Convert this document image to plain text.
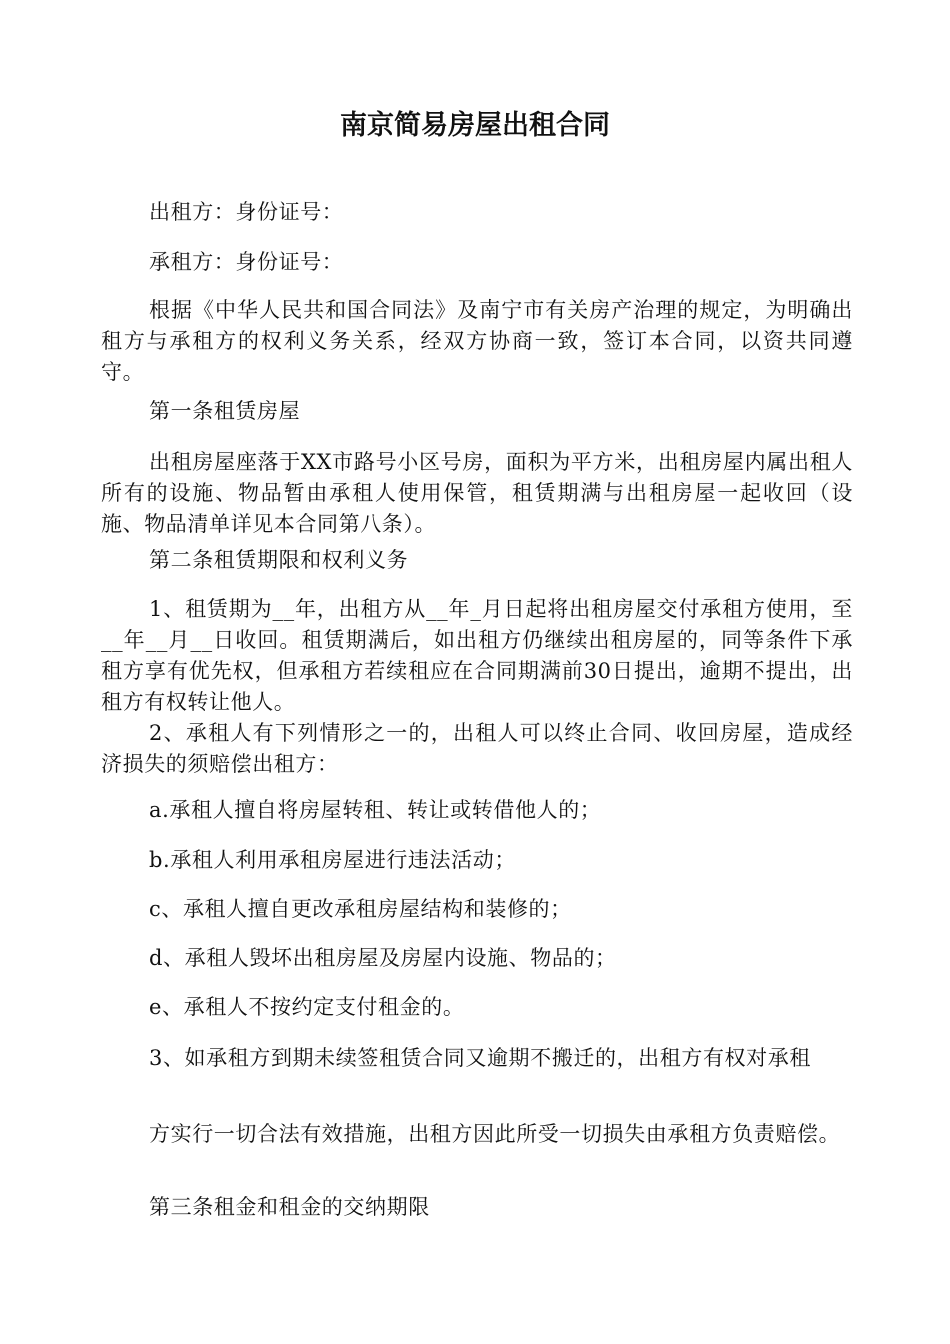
南京简易房屋出租合同

出租方：身份证号：

承租方：身份证号：

根据《中华人民共和国合同法》及南宁市有关房产治理的规定，为明确出租方与承租方的权利义务关系，经双方协商一致，签订本合同，以资共同遵守。

第一条租赁房屋

出租房屋座落于XX市路号小区号房，面积为平方米，出租房屋内属出租人所有的设施、物品暂由承租人使用保管，租赁期满与出租房屋一起收回（设施、物品清单详见本合同第八条）。

第二条租赁期限和权利义务

1、租赁期为__年，出租方从__年_月日起将出租房屋交付承租方使用，至__年__月__日收回。租赁期满后，如出租方仍继续出租房屋的，同等条件下承租方享有优先权，但承租方若续租应在合同期满前30日提出，逾期不提出，出租方有权转让他人。

2、承租人有下列情形之一的，出租人可以终止合同、收回房屋，造成经济损失的须赔偿出租方：

a.承租人擅自将房屋转租、转让或转借他人的；

b.承租人利用承租房屋进行违法活动；

c、承租人擅自更改承租房屋结构和装修的；

d、承租人毁坏出租房屋及房屋内设施、物品的；

e、承租人不按约定支付租金的。

3、如承租方到期未续签租赁合同又逾期不搬迁的，出租方有权对承租

方实行一切合法有效措施，出租方因此所受一切损失由承租方负责赔偿。

第三条租金和租金的交纳期限
